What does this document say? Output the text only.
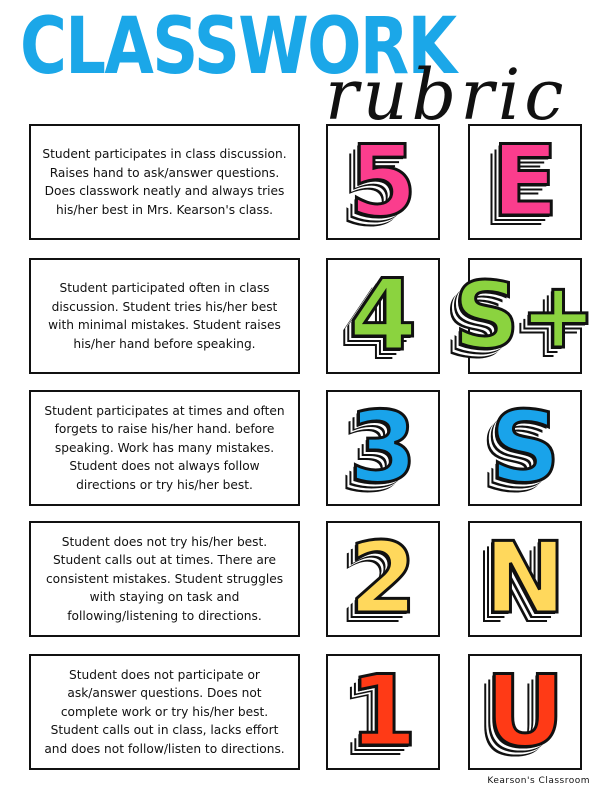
CLASSWORK
rubric
Student participates in class discussion. Raises hand to ask/answer questions. Does classwork neatly and always tries his/her best in Mrs. Kearson's class. 5 E
Student participated often in class discussion. Student tries his/her best with minimal mistakes. Student raises his/her hand before speaking. 4 S+
Student participates at times and often forgets to raise his/her hand. before speaking. Work has many mistakes. Student does not always follow directions or try his/her best. 3 S
Student does not try his/her best. Student calls out at times. There are consistent mistakes. Student struggles with staying on task and following/listening to directions. 2 N
Student does not participate or ask/answer questions. Does not complete work or try his/her best. Student calls out in class, lacks effort and does not follow/listen to directions. 1 U
Kearson's Classroom
